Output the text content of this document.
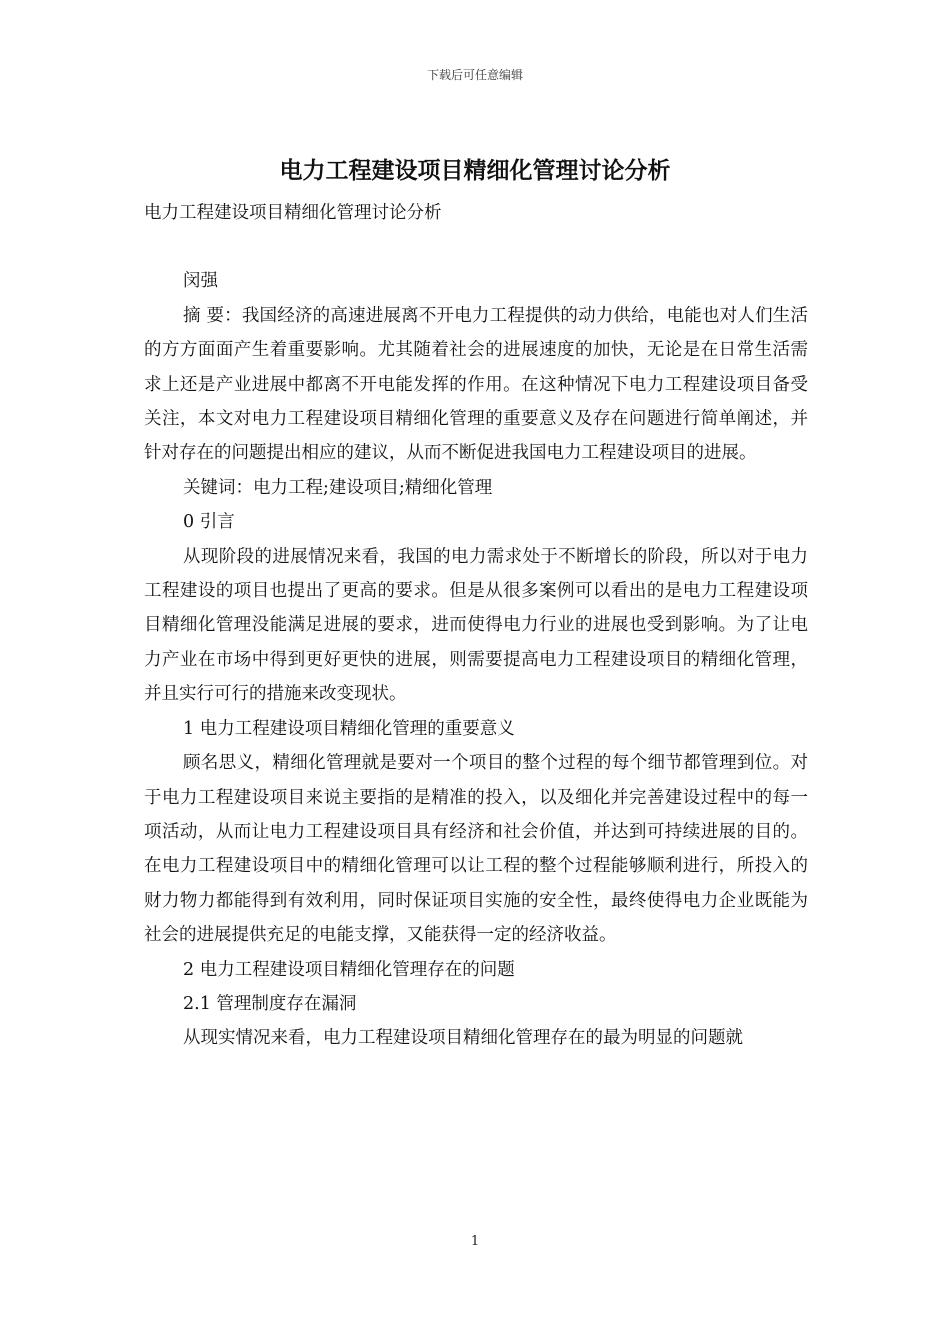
下载后可任意编辑
电力工程建设项目精细化管理讨论分析

电力工程建设项目精细化管理讨论分析

闵强

摘 要：我国经济的高速进展离不开电力工程提供的动力供给，电能也对人们生活的方方面面产生着重要影响。尤其随着社会的进展速度的加快，无论是在日常生活需求上还是产业进展中都离不开电能发挥的作用。在这种情况下电力工程建设项目备受关注，本文对电力工程建设项目精细化管理的重要意义及存在问题进行简单阐述，并针对存在的问题提出相应的建议，从而不断促进我国电力工程建设项目的进展。

关键词：电力工程;建设项目;精细化管理

0 引言

从现阶段的进展情况来看，我国的电力需求处于不断增长的阶段，所以对于电力工程建设的项目也提出了更高的要求。但是从很多案例可以看出的是电力工程建设项目精细化管理没能满足进展的要求，进而使得电力行业的进展也受到影响。为了让电力产业在市场中得到更好更快的进展，则需要提高电力工程建设项目的精细化管理，并且实行可行的措施来改变现状。

1 电力工程建设项目精细化管理的重要意义

顾名思义，精细化管理就是要对一个项目的整个过程的每个细节都管理到位。对于电力工程建设项目来说主要指的是精准的投入，以及细化并完善建设过程中的每一项活动，从而让电力工程建设项目具有经济和社会价值，并达到可持续进展的目的。在电力工程建设项目中的精细化管理可以让工程的整个过程能够顺利进行，所投入的财力物力都能得到有效利用，同时保证项目实施的安全性，最终使得电力企业既能为社会的进展提供充足的电能支撑，又能获得一定的经济收益。

2 电力工程建设项目精细化管理存在的问题

2.1 管理制度存在漏洞

从现实情况来看，电力工程建设项目精细化管理存在的最为明显的问题就

1
